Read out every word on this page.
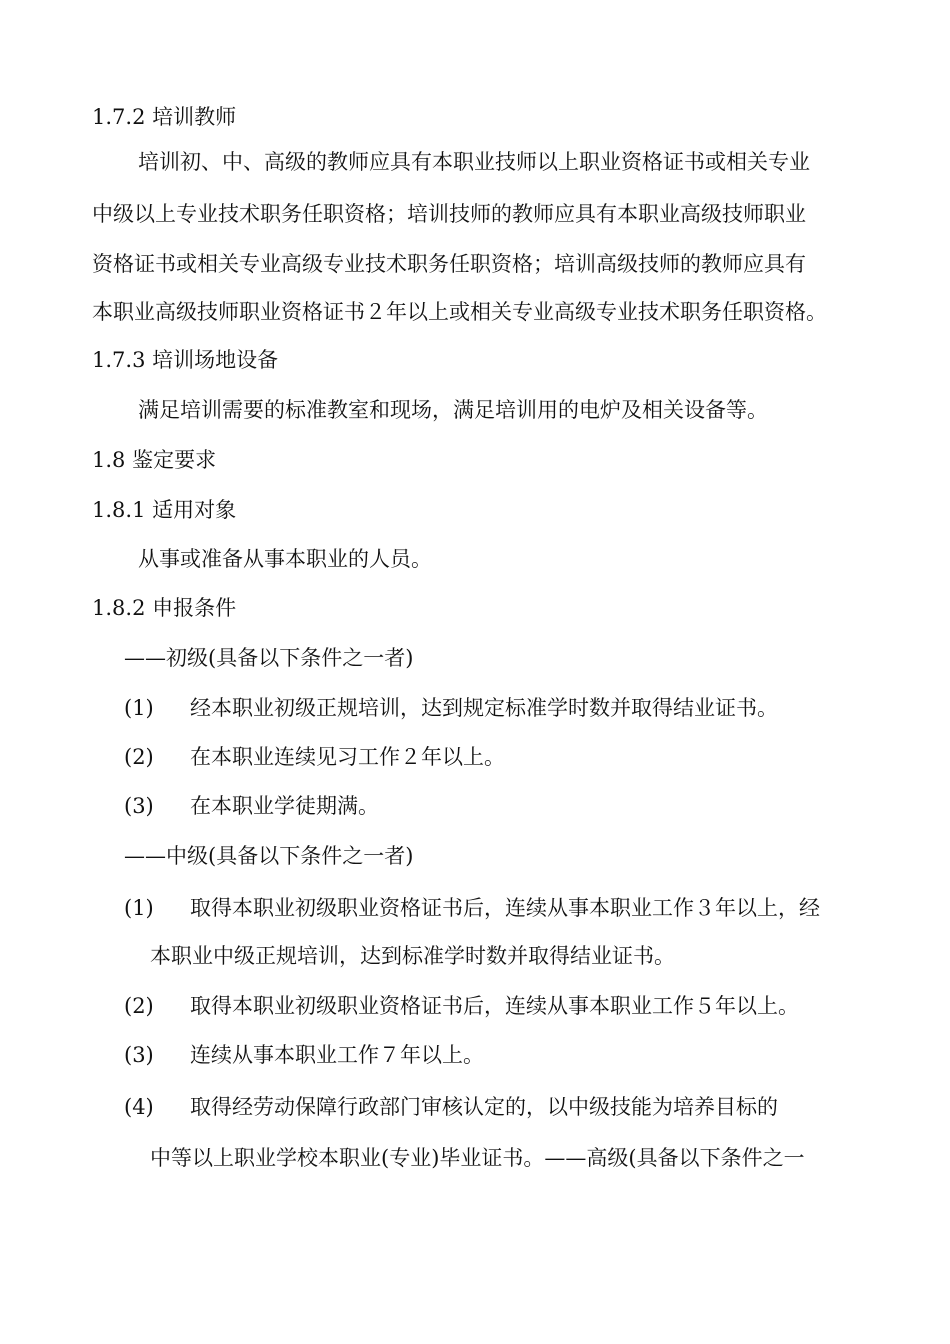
1.7.2 培训教师
培训初、中、高级的教师应具有本职业技师以上职业资格证书或相关专业
中级以上专业技术职务任职资格；培训技师的教师应具有本职业高级技师职业
资格证书或相关专业高级专业技术职务任职资格；培训高级技师的教师应具有
本职业高级技师职业资格证书２年以上或相关专业高级专业技术职务任职资格。
1.7.3 培训场地设备
满足培训需要的标准教室和现场，满足培训用的电炉及相关设备等。
1.8 鉴定要求
1.8.1 适用对象
从事或准备从事本职业的人员。
1.8.2 申报条件
——初级(具备以下条件之一者)
(1) 经本职业初级正规培训，达到规定标准学时数并取得结业证书。
(2) 在本职业连续见习工作２年以上。
(3) 在本职业学徒期满。
——中级(具备以下条件之一者)
(1) 取得本职业初级职业资格证书后，连续从事本职业工作３年以上，经
本职业中级正规培训，达到标准学时数并取得结业证书。
(2) 取得本职业初级职业资格证书后，连续从事本职业工作５年以上。
(3) 连续从事本职业工作７年以上。
(4) 取得经劳动保障行政部门审核认定的，以中级技能为培养目标的
中等以上职业学校本职业(专业)毕业证书。——高级(具备以下条件之一
